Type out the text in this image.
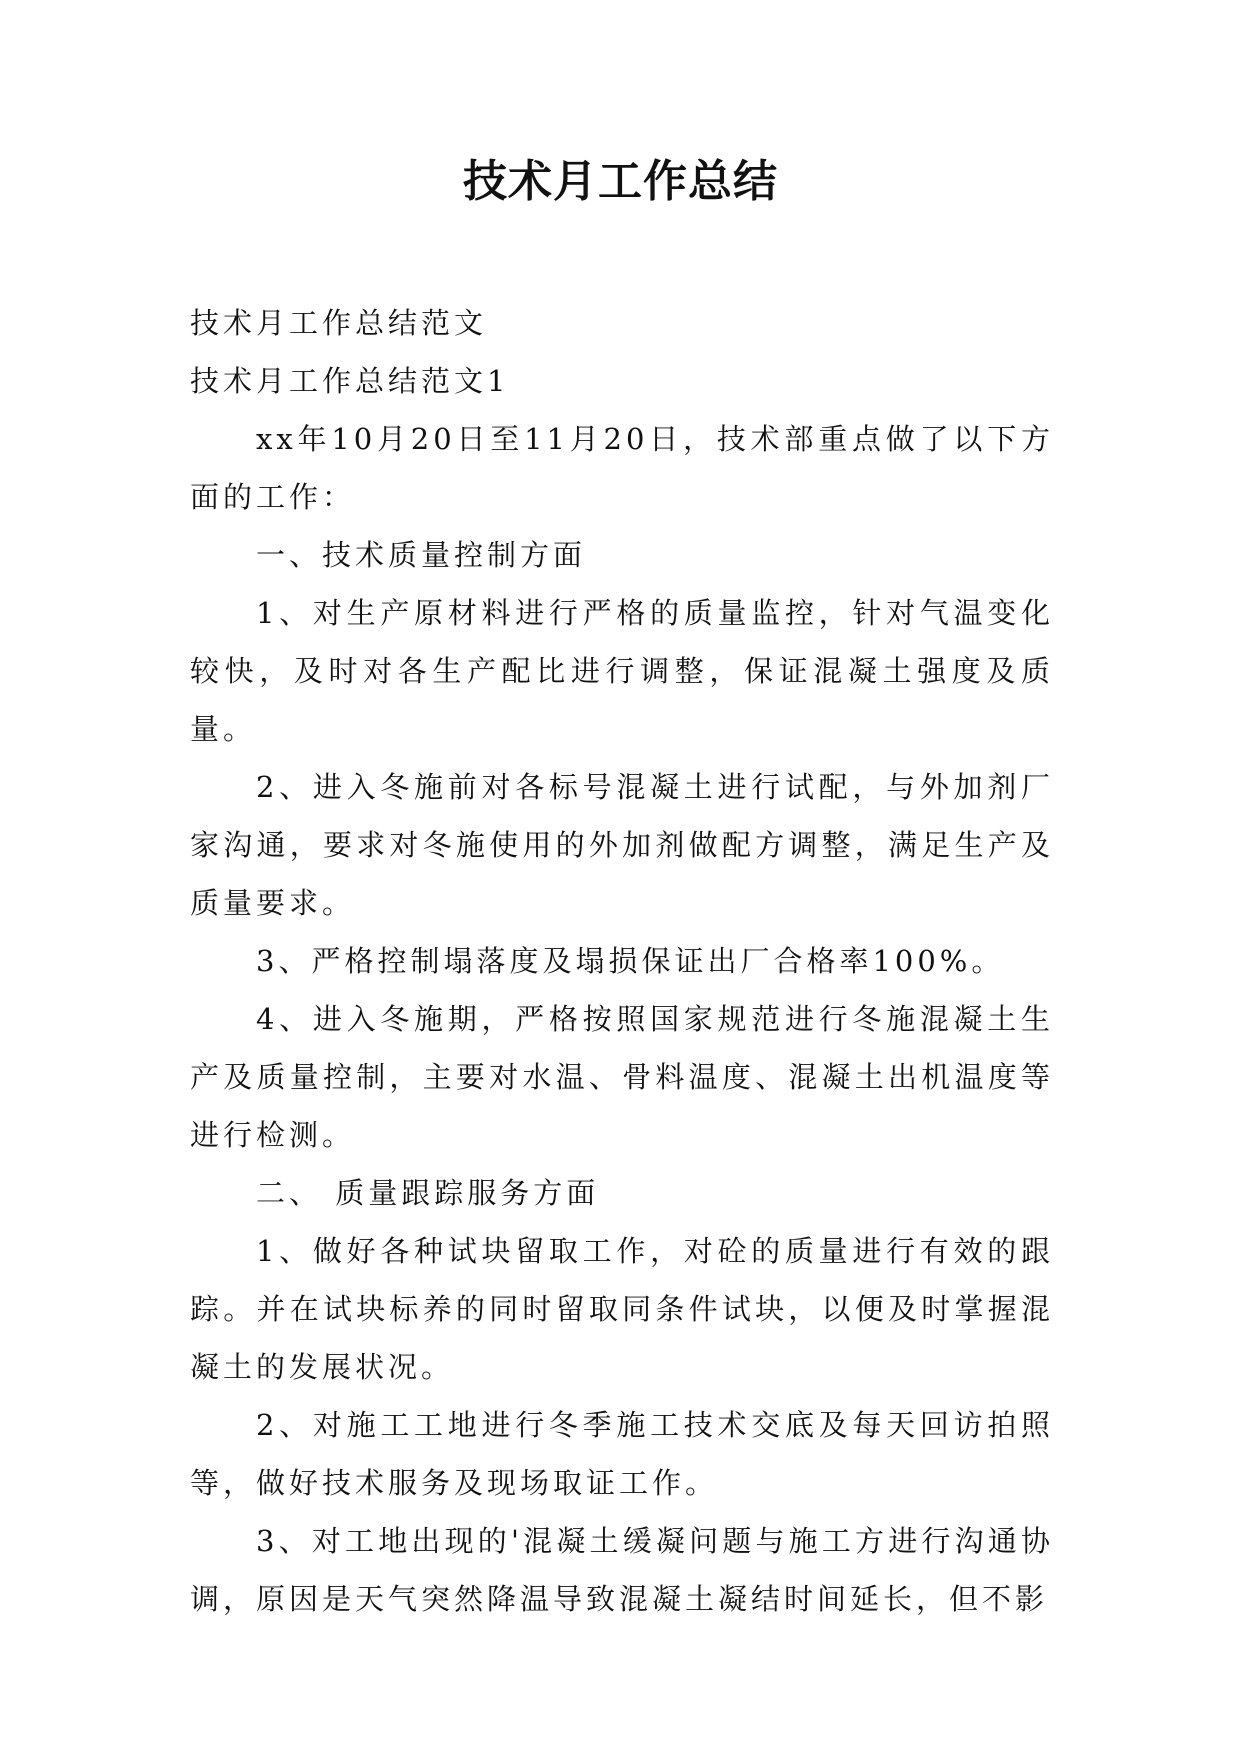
技术月工作总结

技术月工作总结范文

技术月工作总结范文1

xx年10月20日至11月20日，技术部重点做了以下方面的工作：

一、技术质量控制方面

1、对生产原材料进行严格的质量监控，针对气温变化较快，及时对各生产配比进行调整，保证混凝土强度及质量。

2、进入冬施前对各标号混凝土进行试配，与外加剂厂家沟通，要求对冬施使用的外加剂做配方调整，满足生产及质量要求。

3、严格控制塌落度及塌损保证出厂合格率100%。

4、进入冬施期，严格按照国家规范进行冬施混凝土生产及质量控制，主要对水温、骨料温度、混凝土出机温度等进行检测。

二、 质量跟踪服务方面

1、做好各种试块留取工作，对砼的质量进行有效的跟踪。并在试块标养的同时留取同条件试块，以便及时掌握混凝土的发展状况。

2、对施工工地进行冬季施工技术交底及每天回访拍照等，做好技术服务及现场取证工作。

3、对工地出现的'混凝土缓凝问题与施工方进行沟通协调，原因是天气突然降温导致混凝土凝结时间延长，但不影
